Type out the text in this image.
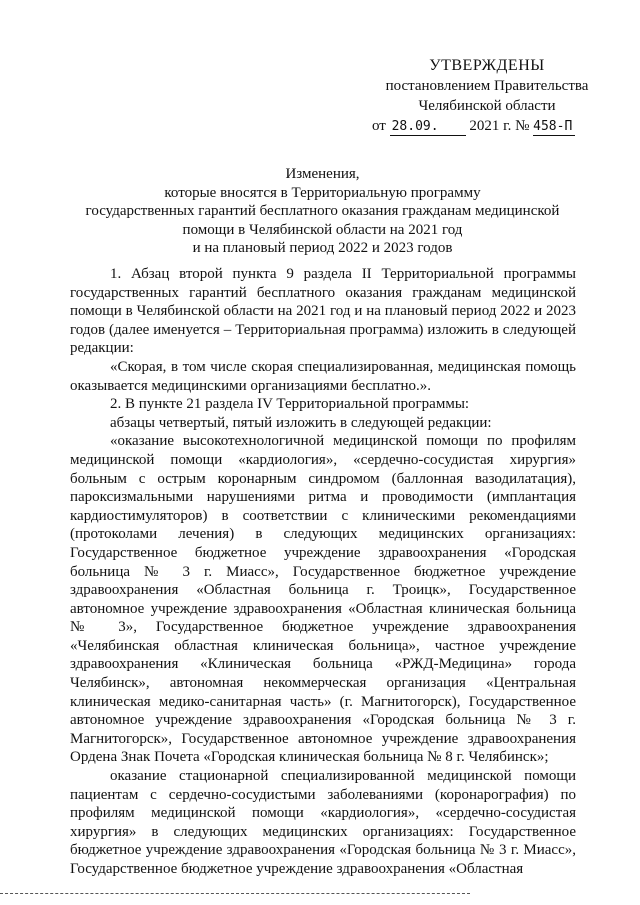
УТВЕРЖДЕНЫ
постановлением Правительства
Челябинской области
от 28.09. 2021 г. № 458-П
Изменения,
которые вносятся в Территориальную программу
государственных гарантий бесплатного оказания гражданам медицинской
помощи в Челябинской области на 2021 год
и на плановый период 2022 и 2023 годов

1. Абзац второй пункта 9 раздела II Территориальной программы государственных гарантий бесплатного оказания гражданам медицинской помощи в Челябинской области на 2021 год и на плановый период 2022 и 2023 годов (далее именуется – Территориальная программа) изложить в следующей редакции:

«Скорая, в том числе скорая специализированная, медицинская помощь оказывается медицинскими организациями бесплатно.».

2. В пункте 21 раздела IV Территориальной программы:

абзацы четвертый, пятый изложить в следующей редакции:

«оказание высокотехнологичной медицинской помощи по профилям медицинской помощи «кардиология», «сердечно-сосудистая хирургия» больным с острым коронарным синдромом (баллонная вазодилатация), пароксизмальными нарушениями ритма и проводимости (имплантация кардиостимуляторов) в соответствии с клиническими рекомендациями (протоколами лечения) в следующих медицинских организациях: Государственное бюджетное учреждение здравоохранения «Городская больница № 3 г. Миасс», Государственное бюджетное учреждение здравоохранения «Областная больница г. Троицк», Государственное автономное учреждение здравоохранения «Областная клиническая больница № 3», Государственное бюджетное учреждение здравоохранения «Челябинская областная клиническая больница», частное учреждение здравоохранения «Клиническая больница «РЖД-Медицина» города Челябинск», автономная некоммерческая организация «Центральная клиническая медико-санитарная часть» (г. Магнитогорск), Государственное автономное учреждение здравоохранения «Городская больница № 3 г. Магнитогорск», Государственное автономное учреждение здравоохранения Ордена Знак Почета «Городская клиническая больница № 8 г. Челябинск»;

оказание стационарной специализированной медицинской помощи пациентам с сердечно-сосудистыми заболеваниями (коронарография) по профилям медицинской помощи «кардиология», «сердечно-сосудистая хирургия» в следующих медицинских организациях: Государственное бюджетное учреждение здравоохранения «Городская больница № 3 г. Миасс», Государственное бюджетное учреждение здравоохранения «Областная
